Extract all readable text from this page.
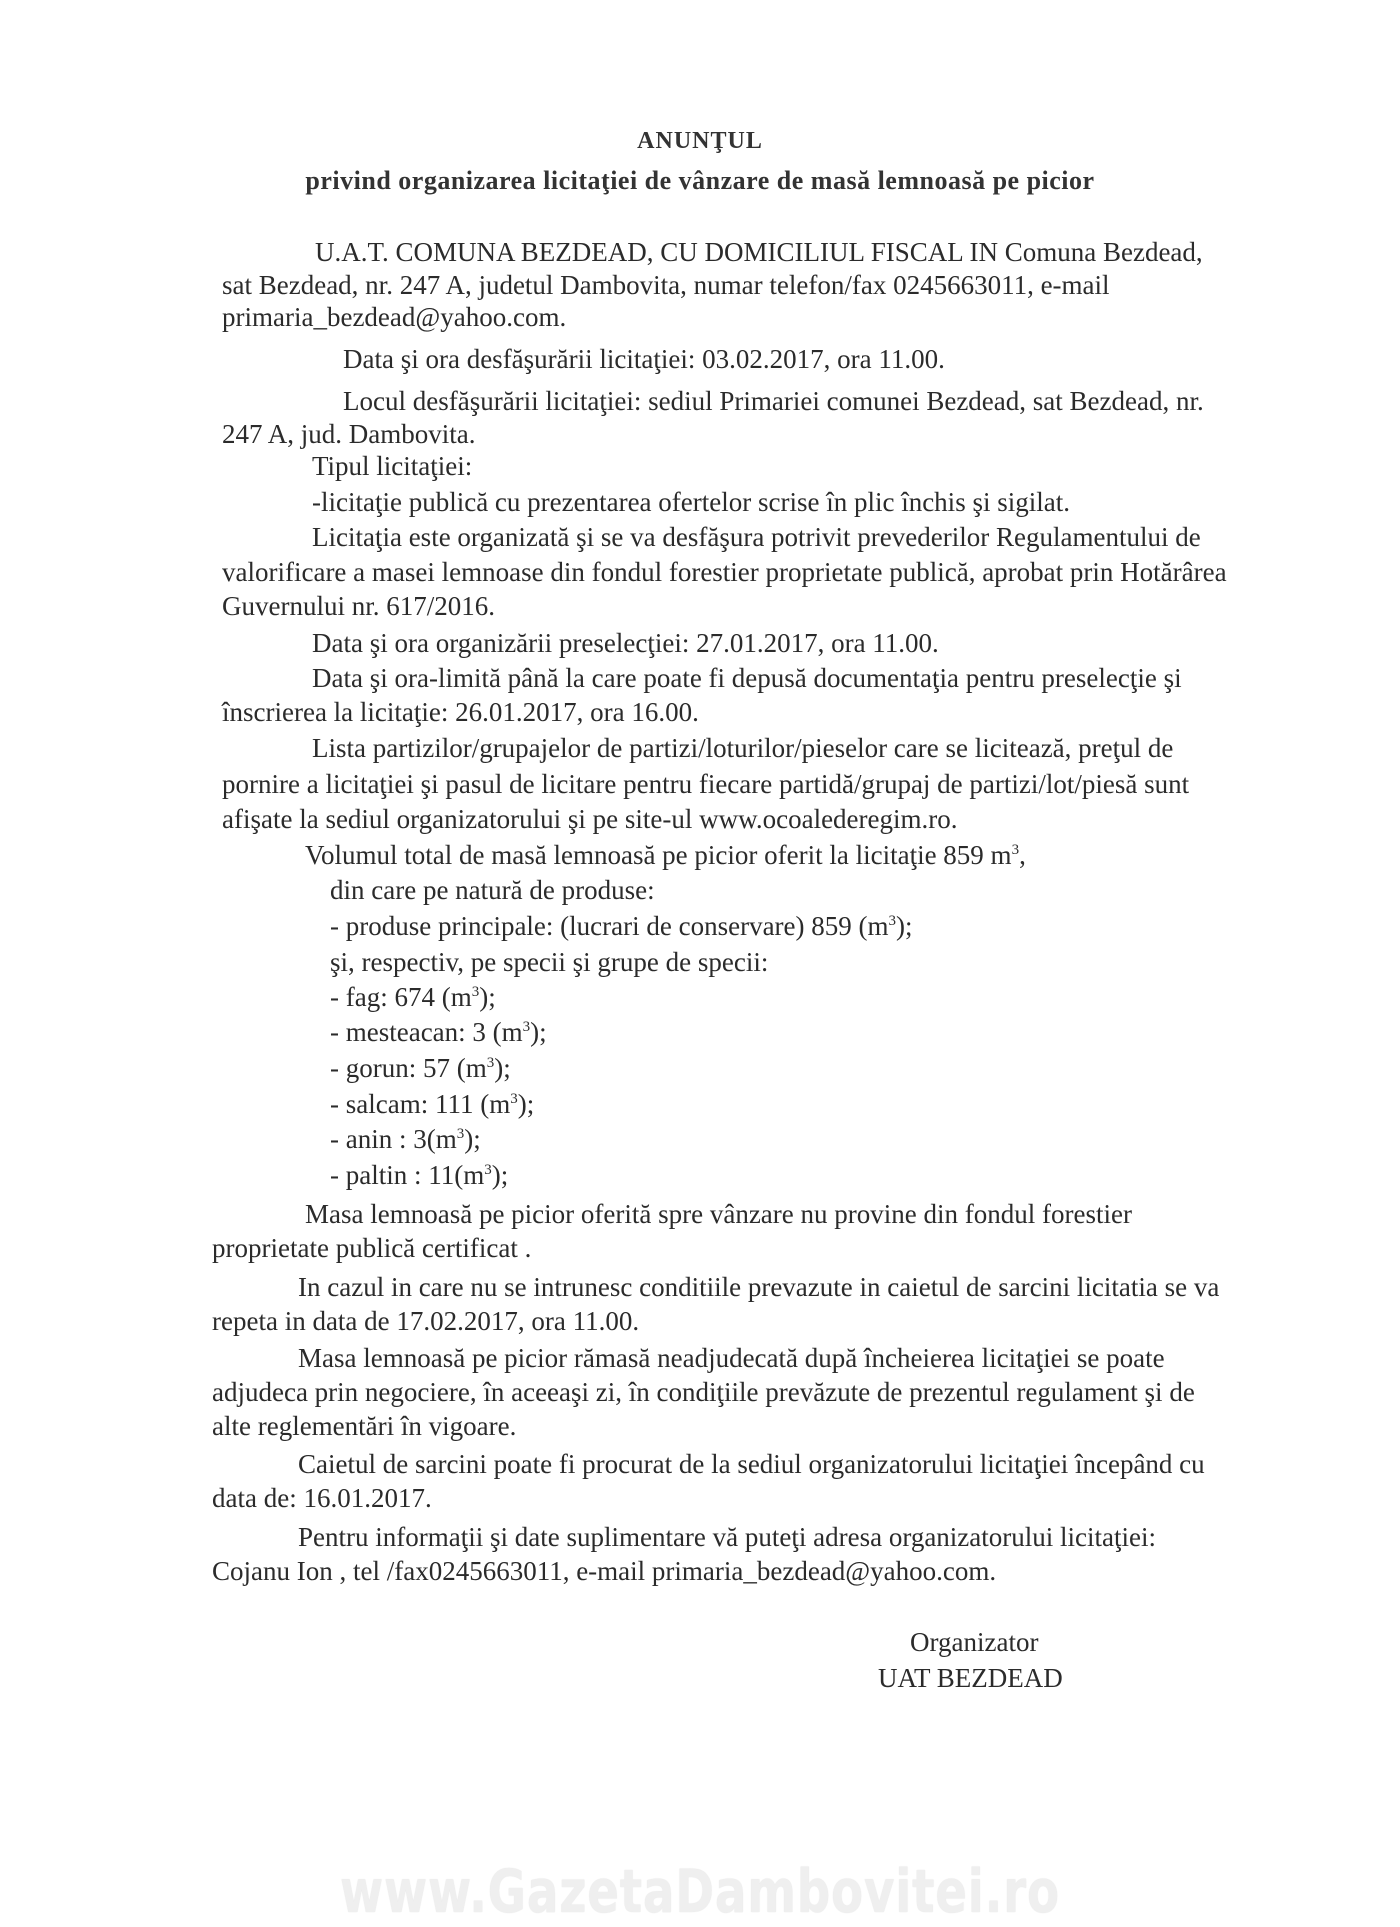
ANUNŢUL
privind organizarea licitaţiei de vânzare de masă lemnoasă pe picior
U.A.T. COMUNA BEZDEAD, CU DOMICILIUL FISCAL IN Comuna Bezdead,
sat Bezdead, nr. 247 A, judetul Dambovita, numar telefon/fax 0245663011, e-mail
primaria_bezdead@yahoo.com.
Data şi ora desfăşurării licitaţiei: 03.02.2017, ora 11.00.
Locul desfăşurării licitaţiei: sediul Primariei comunei Bezdead, sat Bezdead, nr.
247 A, jud. Dambovita.
Tipul licitaţiei:
-licitaţie publică cu prezentarea ofertelor scrise în plic închis şi sigilat.
Licitaţia este organizată şi se va desfăşura potrivit prevederilor Regulamentului de
valorificare a masei lemnoase din fondul forestier proprietate publică, aprobat prin Hotărârea
Guvernului nr. 617/2016.
Data şi ora organizării preselecţiei: 27.01.2017, ora 11.00.
Data şi ora-limită până la care poate fi depusă documentaţia pentru preselecţie şi
înscrierea la licitaţie: 26.01.2017, ora 16.00.
Lista partizilor/grupajelor de partizi/loturilor/pieselor care se licitează, preţul de
pornire a licitaţiei şi pasul de licitare pentru fiecare partidă/grupaj de partizi/lot/piesă sunt
afişate la sediul organizatorului şi pe site-ul www.ocoalederegim.ro.
Volumul total de masă lemnoasă pe picior oferit la licitaţie 859 $m^3$,
din care pe natură de produse:
- produse principale: (lucrari de conservare) 859 $(m^3)$;
şi, respectiv, pe specii şi grupe de specii:
- fag: 674 $(m^3)$;
- mesteacan: 3 $(m^3)$;
- gorun: 57 $(m^3)$;
- salcam: 111 $(m^3)$;
- anin : $3(m^3)$;
- paltin : $11(m^3)$;
Masa lemnoasă pe picior oferită spre vânzare nu provine din fondul forestier
proprietate publică certificat .
In cazul in care nu se intrunesc conditiile prevazute in caietul de sarcini licitatia se va
repeta in data de 17.02.2017, ora 11.00.
Masa lemnoasă pe picior rămasă neadjudecată după încheierea licitaţiei se poate
adjudeca prin negociere, în aceeaşi zi, în condiţiile prevăzute de prezentul regulament şi de
alte reglementări în vigoare.
Caietul de sarcini poate fi procurat de la sediul organizatorului licitaţiei începând cu
data de: 16.01.2017.
Pentru informaţii şi date suplimentare vă puteţi adresa organizatorului licitaţiei:
Cojanu Ion , tel /fax0245663011, e-mail primaria_bezdead@yahoo.com.
Organizator
UAT BEZDEAD
www.GazetaDambovitei.ro
